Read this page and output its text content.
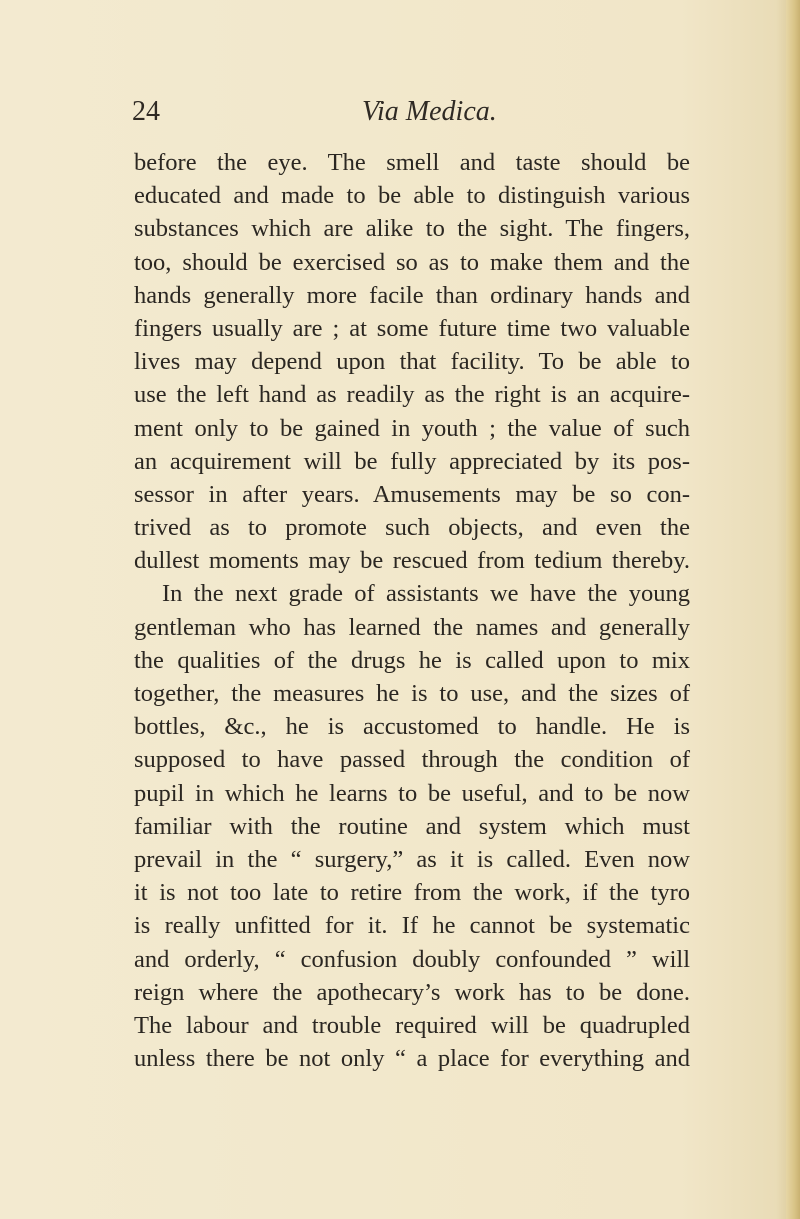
24	Via Medica.
before the eye. The smell and taste should be
educated and made to be able to distinguish various
substances which are alike to the sight. The fingers,
too, should be exercised so as to make them and the
hands generally more facile than ordinary hands and
fingers usually are ; at some future time two valuable
lives may depend upon that facility. To be able to
use the left hand as readily as the right is an acquire-
ment only to be gained in youth ; the value of such
an acquirement will be fully appreciated by its pos-
sessor in after years. Amusements may be so con-
trived as to promote such objects, and even the
dullest moments may be rescued from tedium thereby.
In the next grade of assistants we have the young
gentleman who has learned the names and generally
the qualities of the drugs he is called upon to mix
together, the measures he is to use, and the sizes of
bottles, &c., he is accustomed to handle. He is
supposed to have passed through the condition of
pupil in which he learns to be useful, and to be now
familiar with the routine and system which must
prevail in the “ surgery,” as it is called. Even now
it is not too late to retire from the work, if the tyro
is really unfitted for it. If he cannot be systematic
and orderly, “ confusion doubly confounded ” will
reign where the apothecary’s work has to be done.
The labour and trouble required will be quadrupled
unless there be not only “ a place for everything and
